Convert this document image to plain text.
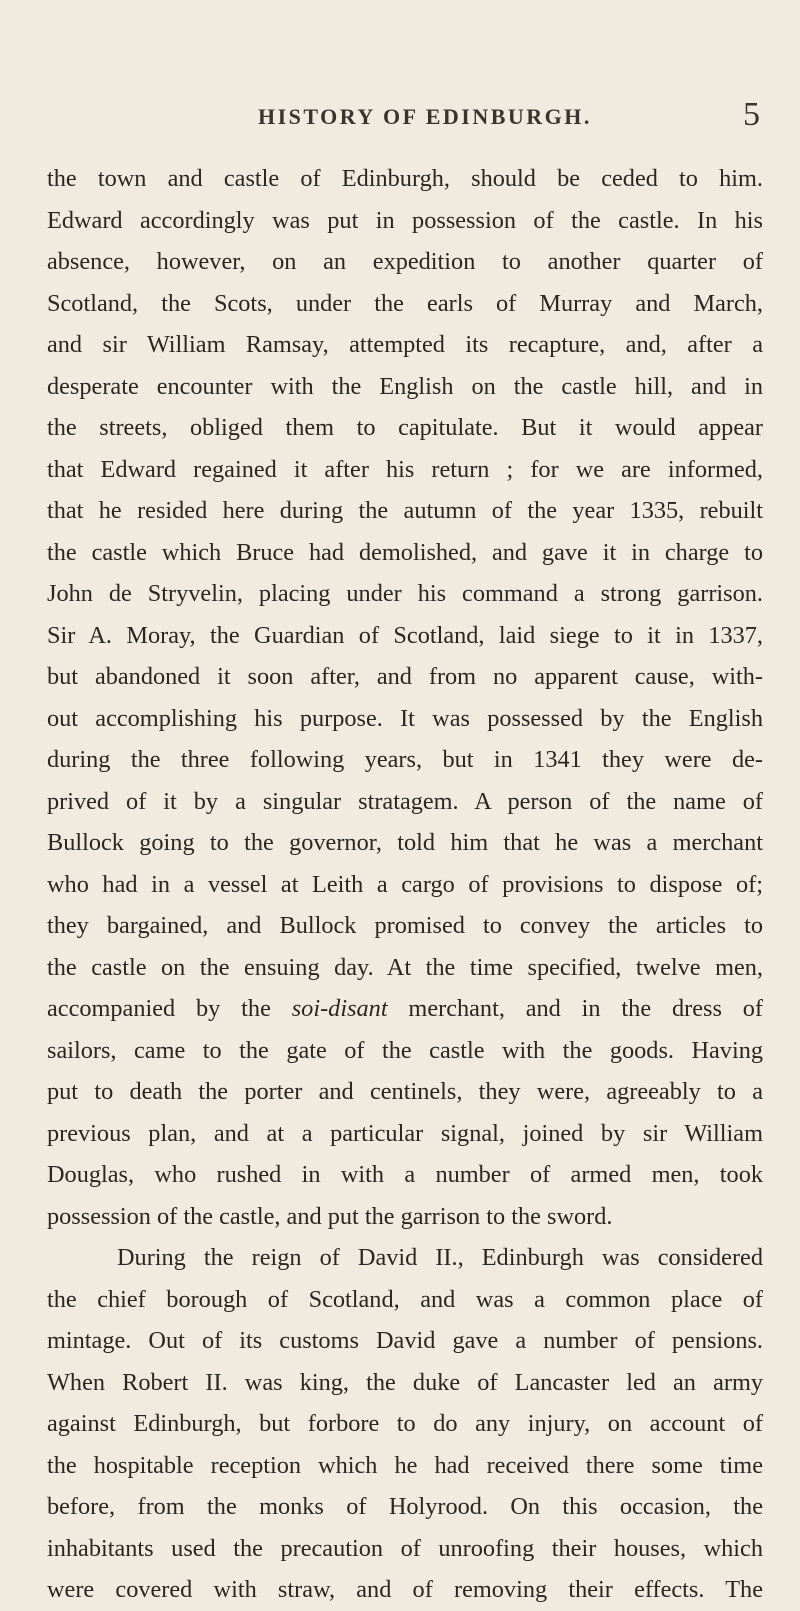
HISTORY OF EDINBURGH.	5
the town and castle of Edinburgh, should be ceded to him.
Edward accordingly was put in possession of the castle. In his
absence, however, on an expedition to another quarter of
Scotland, the Scots, under the earls of Murray and March,
and sir William Ramsay, attempted its recapture, and, after a
desperate encounter with the English on the castle hill, and in
the streets, obliged them to capitulate. But it would appear
that Edward regained it after his return ; for we are informed,
that he resided here during the autumn of the year 1335, rebuilt
the castle which Bruce had demolished, and gave it in charge to
John de Stryvelin, placing under his command a strong garrison.
Sir A. Moray, the Guardian of Scotland, laid siege to it in 1337,
but abandoned it soon after, and from no apparent cause, with-
out accomplishing his purpose. It was possessed by the English
during the three following years, but in 1341 they were de-
prived of it by a singular stratagem. A person of the name of
Bullock going to the governor, told him that he was a merchant
who had in a vessel at Leith a cargo of provisions to dispose of;
they bargained, and Bullock promised to convey the articles to
the castle on the ensuing day. At the time specified, twelve men,
accompanied by the soi-disant merchant, and in the dress of
sailors, came to the gate of the castle with the goods. Having
put to death the porter and centinels, they were, agreeably to a
previous plan, and at a particular signal, joined by sir William
Douglas, who rushed in with a number of armed men, took
possession of the castle, and put the garrison to the sword.
During the reign of David II., Edinburgh was considered
the chief borough of Scotland, and was a common place of
mintage. Out of its customs David gave a number of pensions.
When Robert II. was king, the duke of Lancaster led an army
against Edinburgh, but forbore to do any injury, on account of
the hospitable reception which he had received there some time
before, from the monks of Holyrood. On this occasion, the
inhabitants used the precaution of unroofing their houses, which
were covered with straw, and of removing their effects. The
